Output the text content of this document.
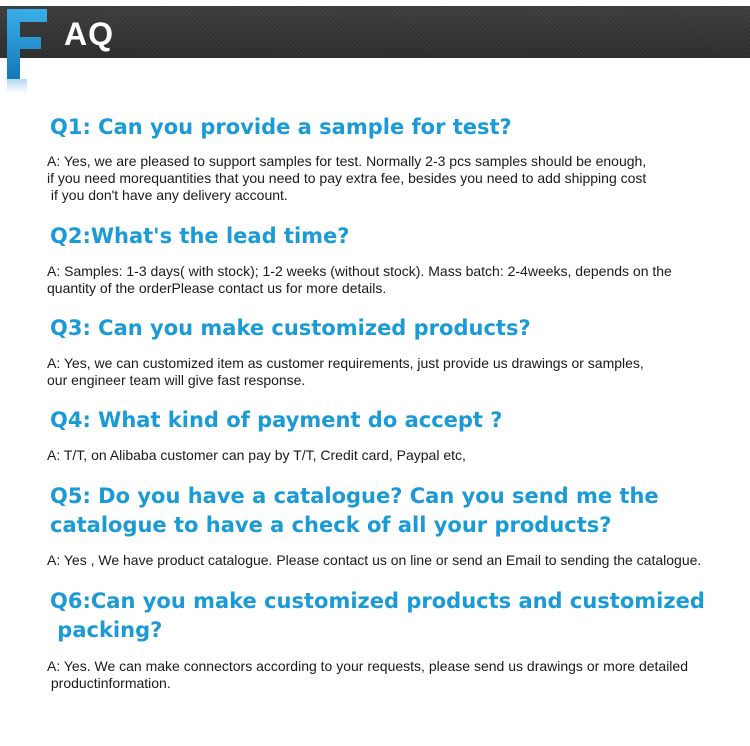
AQ

Q1: Can you provide a sample for test?

A: Yes, we are pleased to support samples for test. Normally 2-3 pcs samples should be enough,

if you need morequantities that you need to pay extra fee, besides you need to add shipping cost

if you don't have any delivery account.

Q2:What's the lead time?

A: Samples: 1-3 days( with stock); 1-2 weeks (without stock). Mass batch: 2-4weeks, depends on the

quantity of the orderPlease contact us for more details.

Q3: Can you make customized products?

A: Yes, we can customized item as customer requirements, just provide us drawings or samples,

our engineer team will give fast response.

Q4: What kind of payment do accept ?

A: T/T, on Alibaba customer can pay by T/T, Credit card, Paypal etc,

Q5: Do you have a catalogue? Can you send me the

catalogue to have a check of all your products?

A: Yes , We have product catalogue. Please contact us on line or send an Email to sending the catalogue.

Q6:Can you make customized products and customized

packing?

A: Yes. We can make connectors according to your requests, please send us drawings or more detailed

productinformation.
